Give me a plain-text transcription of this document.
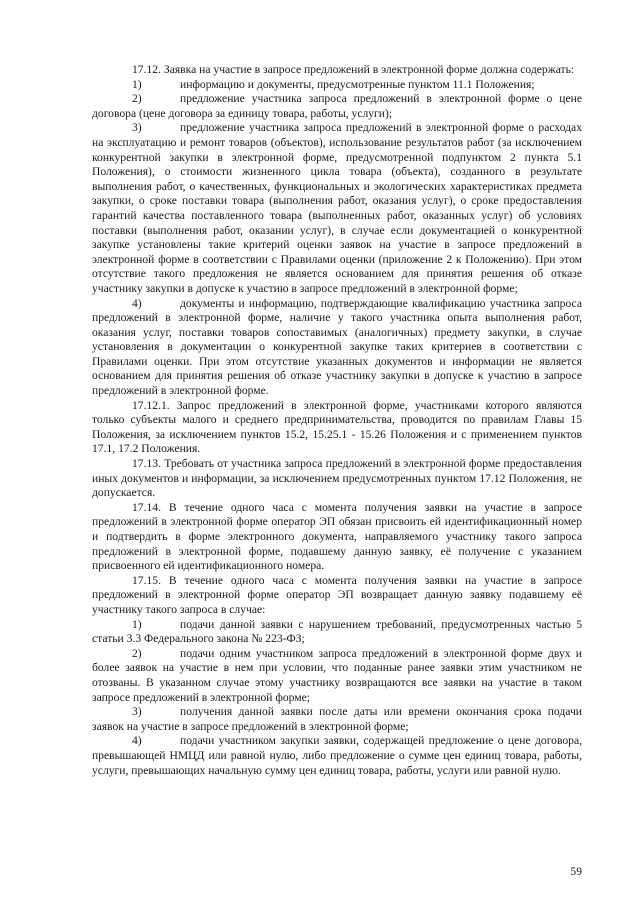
17.12. Заявка на участие в запросе предложений в электронной форме должна содержать:

1)	информацию и документы, предусмотренные пунктом 11.1 Положения;

2)	предложение участника запроса предложений в электронной форме о цене договора (цене договора за единицу товара, работы, услуги);

3)	предложение участника запроса предложений в электронной форме о расходах на эксплуатацию и ремонт товаров (объектов), использование результатов работ (за исключением конкурентной закупки в электронной форме, предусмотренной подпунктом 2 пункта 5.1 Положения), о стоимости жизненного цикла товара (объекта), созданного в результате выполнения работ, о качественных, функциональных и экологических характеристиках предмета закупки, о сроке поставки товара (выполнения работ, оказания услуг), о сроке предоставления гарантий качества поставленного товара (выполненных работ, оказанных услуг) об условиях поставки (выполнения работ, оказании услуг), в случае если документацией о конкурентной закупке установлены такие критерий оценки заявок на участие в запросе предложений в электронной форме в соответствии с Правилами оценки (приложение 2 к Положению). При этом отсутствие такого предложения не является основанием для принятия решения об отказе участнику закупки в допуске к участию в запросе предложений в электронной форме;

4)	документы и информацию, подтверждающие квалификацию участника запроса предложений в электронной форме, наличие у такого участника опыта выполнения работ, оказания услуг, поставки товаров сопоставимых (аналогичных) предмету закупки, в случае установления в документации о конкурентной закупке таких критериев в соответствии с Правилами оценки. При этом отсутствие указанных документов и информации не является основанием для принятия решения об отказе участнику закупки в допуске к участию в запросе предложений в электронной форме.

17.12.1. Запрос предложений в электронной форме, участниками которого являются только субъекты малого и среднего предпринимательства, проводится по правилам Главы 15 Положения, за исключением пунктов 15.2, 15.25.1 - 15.26 Положения и с применением пунктов 17.1, 17.2 Положения.

17.13. Требовать от участника запроса предложений в электронной форме предоставления иных документов и информации, за исключением предусмотренных пунктом 17.12 Положения, не допускается.

17.14. В течение одного часа с момента получения заявки на участие в запросе предложений в электронной форме оператор ЭП обязан присвоить ей идентификационный номер и подтвердить в форме электронного документа, направляемого участнику такого запроса предложений в электронной форме, подавшему данную заявку, её получение с указанием присвоенного ей идентификационного номера.

17.15. В течение одного часа с момента получения заявки на участие в запросе предложений в электронной форме оператор ЭП возвращает данную заявку подавшему её участнику такого запроса в случае:

1)	подачи данной заявки с нарушением требований, предусмотренных частью 5 статьи 3.3 Федерального закона № 223-ФЗ;

2)	подачи одним участником запроса предложений в электронной форме двух и более заявок на участие в нем при условии, что поданные ранее заявки этим участником не отозваны. В указанном случае этому участнику возвращаются все заявки на участие в таком запросе предложений в электронной форме;

3)	получения данной заявки после даты или времени окончания срока подачи заявок на участие в запросе предложений в электронной форме;

4)	подачи участником закупки заявки, содержащей предложение о цене договора, превышающей НМЦД или равной нулю, либо предложение о сумме цен единиц товара, работы, услуги, превышающих начальную сумму цен единиц товара, работы, услуги или равной нулю.

59
